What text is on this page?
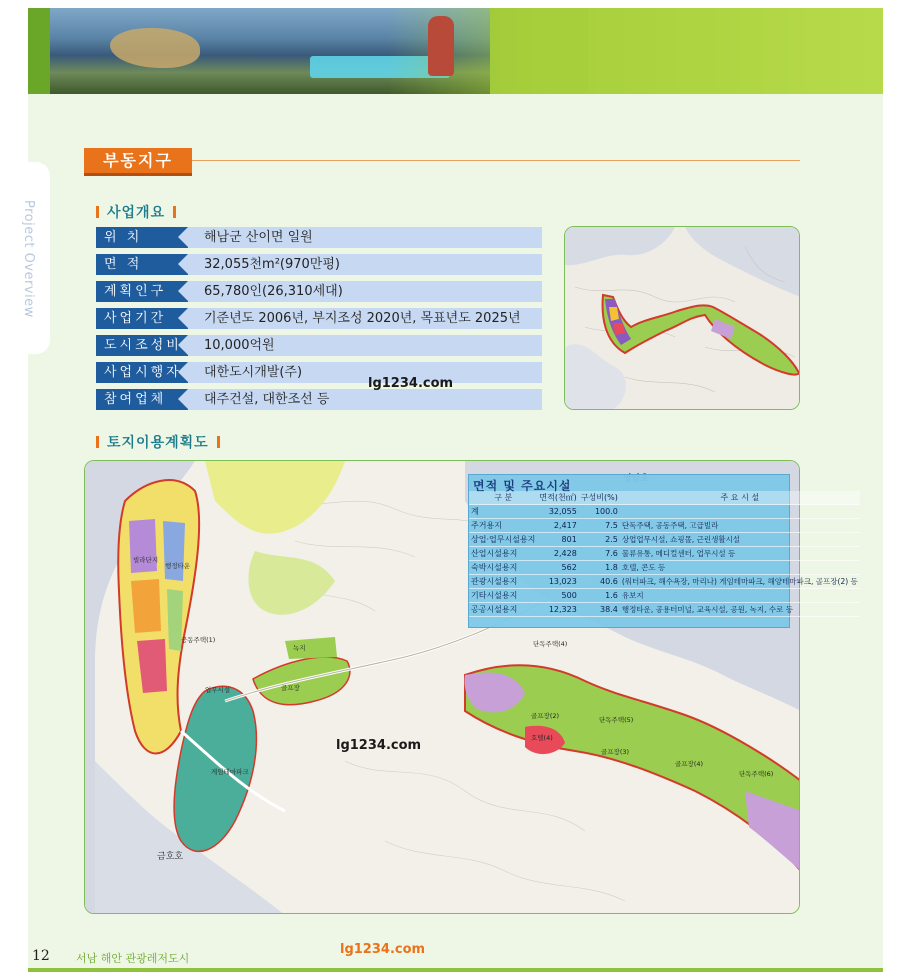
Project Overview
부동지구
사업개요
위 치	해남군 산이면 일원
면 적	32,055천m²(970만평)
계획인구	65,780인(26,310세대)
사업기간	기준년도 2006년, 부지조성 2020년, 목표년도 2025년
도시조성비	10,000억원
사업시행자	대한도시개발(주)
참여업체	대주건설, 대한조선 등
lg1234.com
토지이용계획도
금호호
녹지
골프장
골프장(2)
골프장(3)
골프장(4)
호텔(4)
게임테마파크
단독주택(5)
단독주택(4)
단독주택(6)
업무시설
공동주택(1)
빌라단지
행정타운
면적 및 주요시설
구 분	면적(천㎡)	구성비(%)	주 요 시 설
계	32,055	100.0	
주거용지	2,417	7.5	단독주택, 공동주택, 고급빌라
상업·업무시설용지	801	2.5	상업업무시설, 쇼핑몰, 근린생활시설
산업시설용지	2,428	7.6	물류유통, 메디컬센터, 업무시설 등
숙박시설용지	562	1.8	호텔, 콘도 등
관광시설용지	13,023	40.6	(워터파크, 해수욕장, 마리나) 게임테마파크, 해양테마파크, 골프장(2) 등
기타시설용지	500	1.6	유보지
공공시설용지	12,323	38.4	행정타운, 공용터미널, 교육시설, 공원, 녹지, 수로 등
lg1234.com
lg1234.com
12 서남 해안 관광레저도시
